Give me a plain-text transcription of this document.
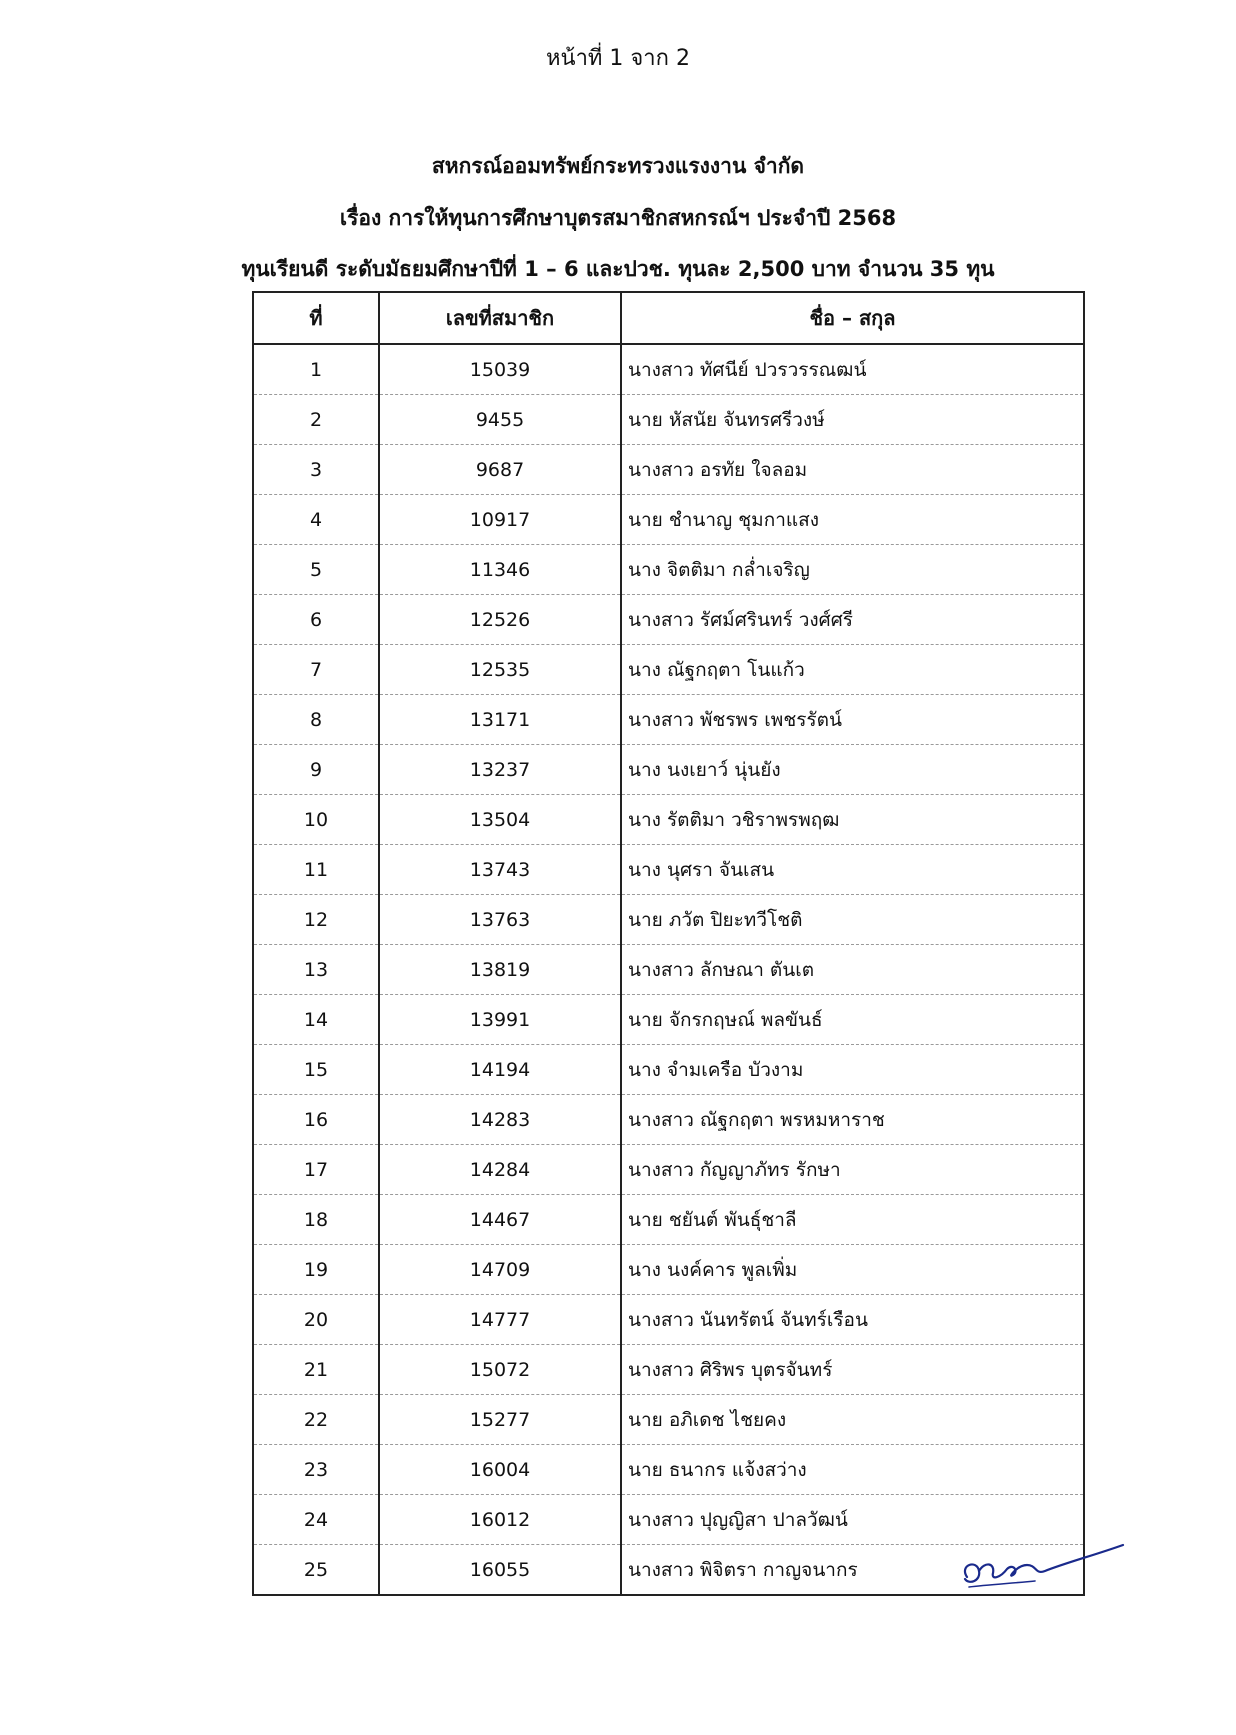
หน้าที่ 1 จาก 2
สหกรณ์ออมทรัพย์กระทรวงแรงงาน จำกัด
เรื่อง การให้ทุนการศึกษาบุตรสมาชิกสหกรณ์ฯ ประจำปี 2568
ทุนเรียนดี ระดับมัธยมศึกษาปีที่ 1 – 6 และปวช. ทุนละ 2,500 บาท จำนวน 35 ทุน
ที่	เลขที่สมาชิก	ชื่อ – สกุล
1	15039	นางสาว ทัศนีย์ ปวรวรรณฒน์
2	9455	นาย หัสนัย จันทรศรีวงษ์
3	9687	นางสาว อรทัย ใจลอม
4	10917	นาย ชำนาญ ชุมกาแสง
5	11346	นาง จิตติมา กล่ำเจริญ
6	12526	นางสาว รัศม์ศรินทร์ วงศ์ศรี
7	12535	นาง ณัฐกฤตา โนแก้ว
8	13171	นางสาว พัชรพร เพชรรัตน์
9	13237	นาง นงเยาว์ นุ่นยัง
10	13504	นาง รัตติมา วชิราพรพฤฒ
11	13743	นาง นุศรา จันเสน
12	13763	นาย ภวัต ปิยะทวีโชติ
13	13819	นางสาว ลักษณา ตันเต
14	13991	นาย จักรกฤษณ์ พลขันธ์
15	14194	นาง จำมเครือ บัวงาม
16	14283	นางสาว ณัฐกฤตา พรหมหาราช
17	14284	นางสาว กัญญาภัทร รักษา
18	14467	นาย ชยันต์ พันธุ์ชาลี
19	14709	นาง นงค์คาร พูลเพิ่ม
20	14777	นางสาว นันทรัตน์ จันทร์เรือน
21	15072	นางสาว ศิริพร บุตรจันทร์
22	15277	นาย อภิเดช ไชยคง
23	16004	นาย ธนากร แจ้งสว่าง
24	16012	นางสาว ปุญญิสา ปาลวัฒน์
25	16055	นางสาว พิจิตรา กาญจนากร
